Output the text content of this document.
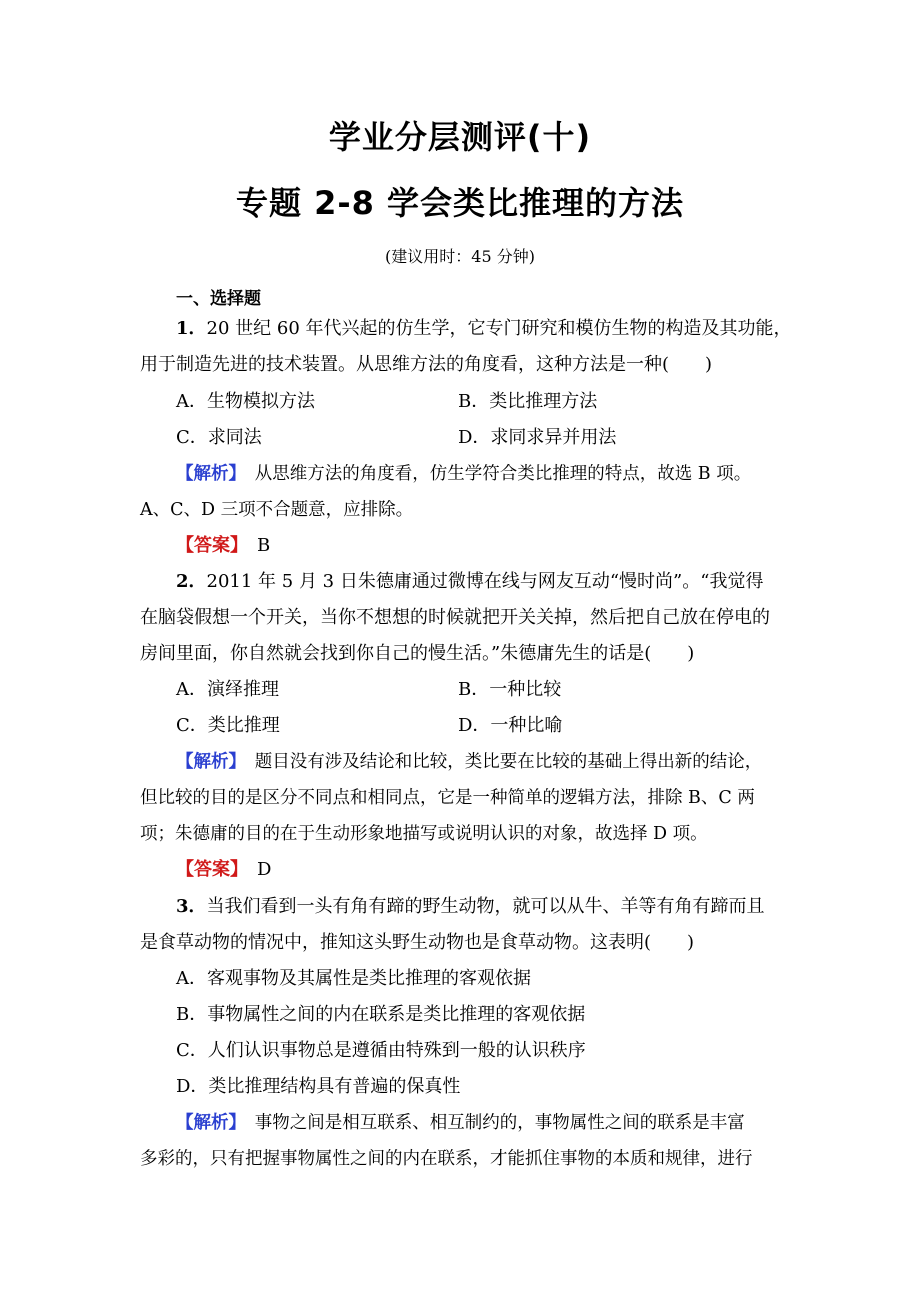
学业分层测评(十)
专题 2-8 学会类比推理的方法
(建议用时：45 分钟)
一、选择题
1．20 世纪 60 年代兴起的仿生学，它专门研究和模仿生物的构造及其功能，
用于制造先进的技术装置。从思维方法的角度看，这种方法是一种(　　)
A．生物模拟方法	B．类比推理方法
C．求同法	D．求同求异并用法
【解析】　从思维方法的角度看，仿生学符合类比推理的特点，故选 B 项。
A、C、D 三项不合题意，应排除。
【答案】　B
2．2011 年 5 月 3 日朱德庸通过微博在线与网友互动“慢时尚”。“我觉得
在脑袋假想一个开关，当你不想想的时候就把开关关掉，然后把自己放在停电的
房间里面，你自然就会找到你自己的慢生活。”朱德庸先生的话是(　　)
A．演绎推理	B．一种比较
C．类比推理	D．一种比喻
【解析】　题目没有涉及结论和比较，类比要在比较的基础上得出新的结论，
但比较的目的是区分不同点和相同点，它是一种简单的逻辑方法，排除 B、C 两
项；朱德庸的目的在于生动形象地描写或说明认识的对象，故选择 D 项。
【答案】　D
3．当我们看到一头有角有蹄的野生动物，就可以从牛、羊等有角有蹄而且
是食草动物的情况中，推知这头野生动物也是食草动物。这表明(　　)
A．客观事物及其属性是类比推理的客观依据
B．事物属性之间的内在联系是类比推理的客观依据
C．人们认识事物总是遵循由特殊到一般的认识秩序
D．类比推理结构具有普遍的保真性
【解析】　事物之间是相互联系、相互制约的，事物属性之间的联系是丰富
多彩的，只有把握事物属性之间的内在联系，才能抓住事物的本质和规律，进行
